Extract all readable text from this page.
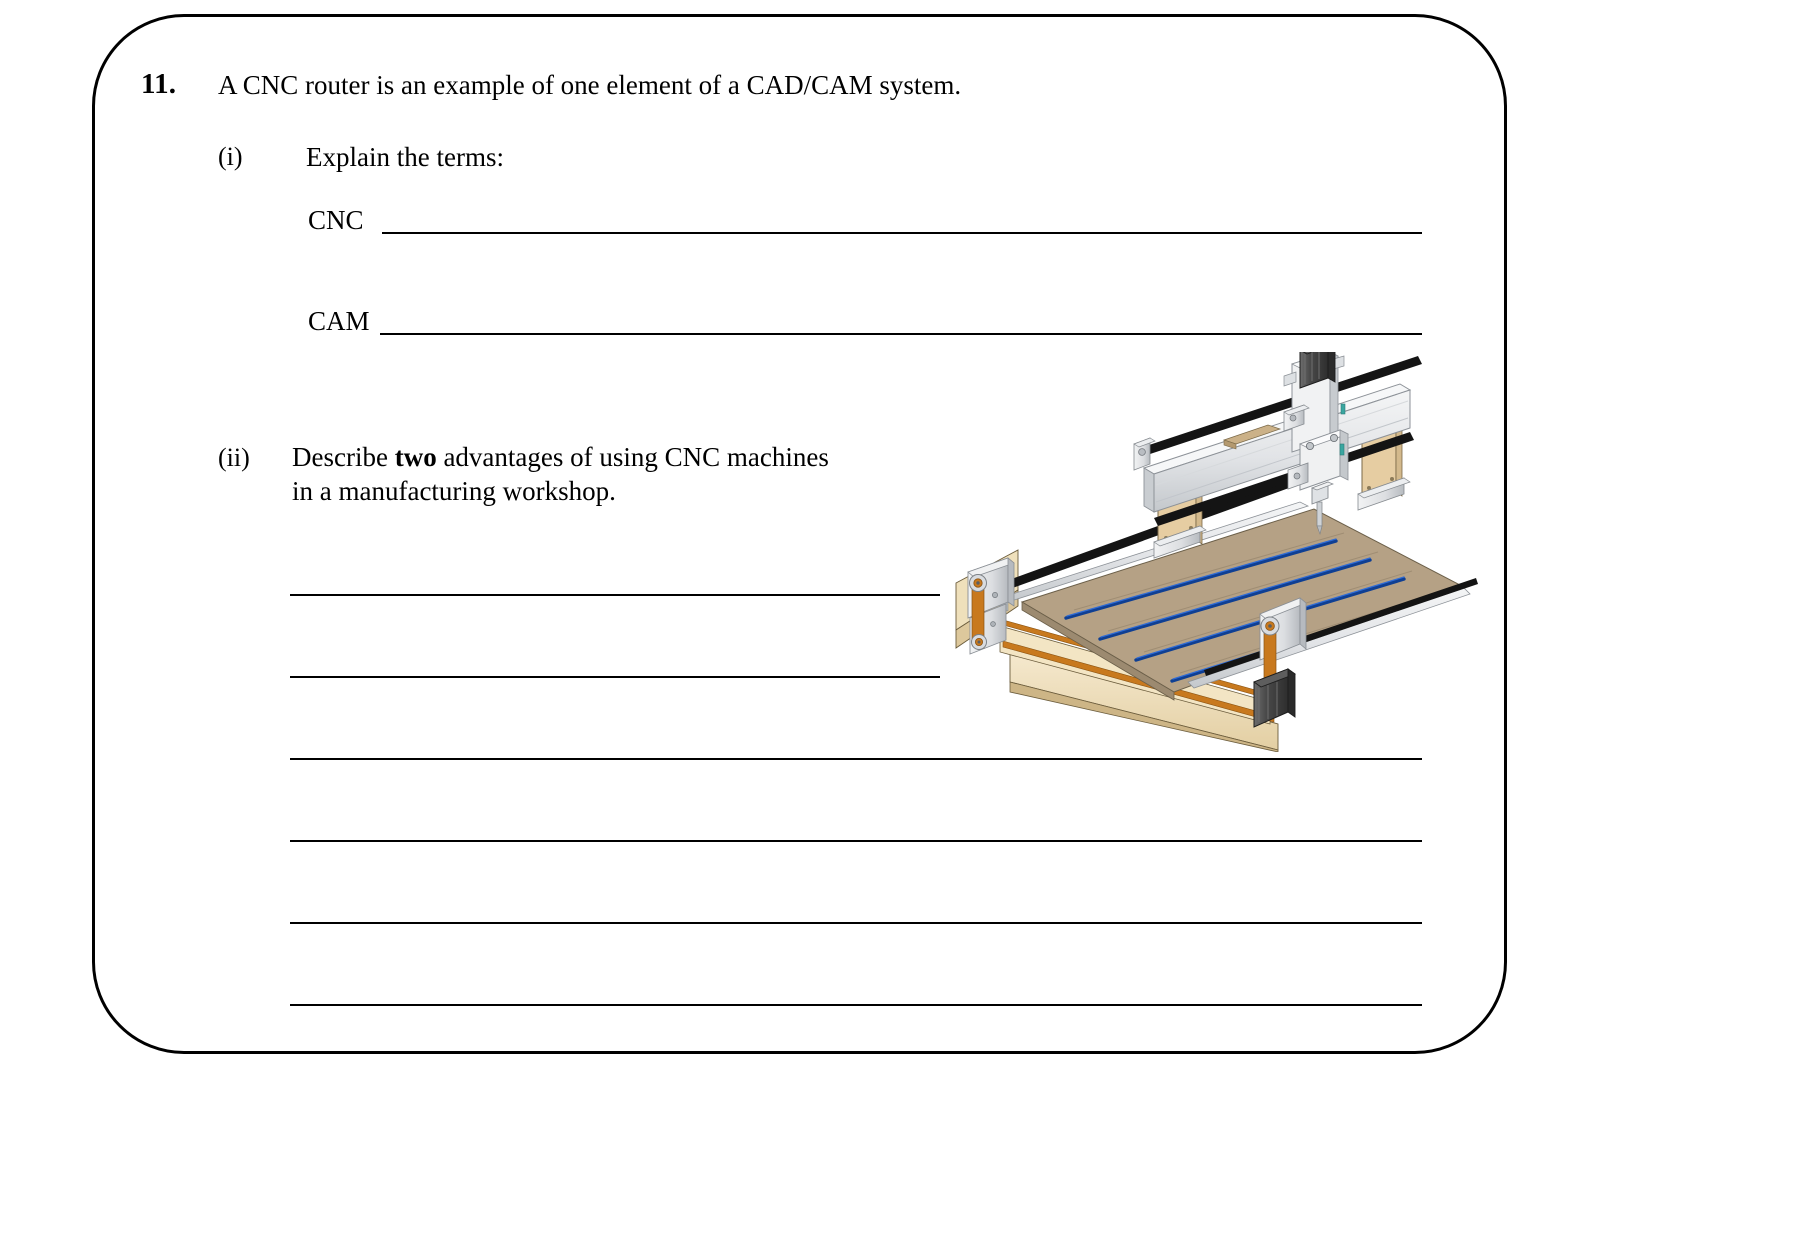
11. A CNC router is an example of one element of a CAD/CAM system.
(i) Explain the terms:
CNC
CAM
(ii) Describe two advantages of using CNC machines
in a manufacturing workshop.
